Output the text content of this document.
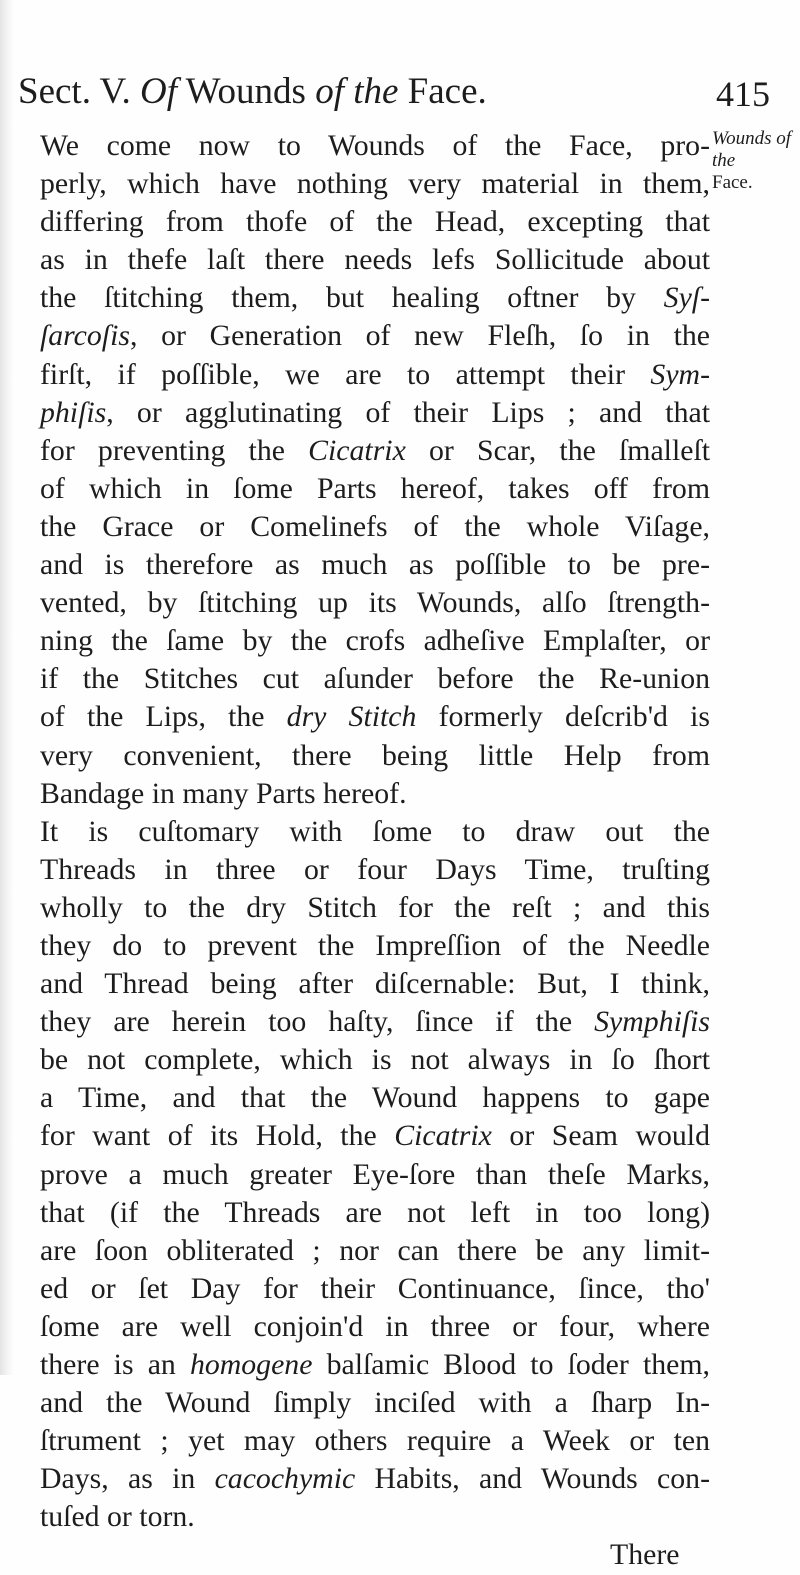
Sect. V. Of Wounds of the Face.	415
Wounds of
the
Face.
We come now to Wounds of the Face, pro-
perly, which have nothing very material in them,
differing from thofe of the Head, excepting that
as in thefe laſt there needs lefs Sollicitude about
the ſtitching them, but healing oftner by Syſ-
ſarcoſis, or Generation of new Fleſh, ſo in the
firſt, if poſſible, we are to attempt their Sym-
phiſis, or agglutinating of their Lips ; and that
for preventing the Cicatrix or Scar, the ſmalleſt
of which in ſome Parts hereof, takes off from
the Grace or Comelinefs of the whole Viſage,
and is therefore as much as poſſible to be pre-
vented, by ſtitching up its Wounds, alſo ſtrength-
ning the ſame by the crofs adheſive Emplaſter, or
if the Stitches cut aſunder before the Re-union
of the Lips, the dry Stitch formerly deſcrib'd is
very convenient, there being little Help from
Bandage in many Parts hereof.
It is cuſtomary with ſome to draw out the
Threads in three or four Days Time, truſting
wholly to the dry Stitch for the reſt ; and this
they do to prevent the Impreſſion of the Needle
and Thread being after diſcernable: But, I think,
they are herein too haſty, ſince if the Symphiſis
be not complete, which is not always in ſo ſhort
a Time, and that the Wound happens to gape
for want of its Hold, the Cicatrix or Seam would
prove a much greater Eye-ſore than theſe Marks,
that (if the Threads are not left in too long)
are ſoon obliterated ; nor can there be any limit-
ed or ſet Day for their Continuance, ſince, tho'
ſome are well conjoin'd in three or four, where
there is an homogene balſamic Blood to ſoder them,
and the Wound ſimply inciſed with a ſharp In-
ſtrument ; yet may others require a Week or ten
Days, as in cacochymic Habits, and Wounds con-
tuſed or torn.
There
